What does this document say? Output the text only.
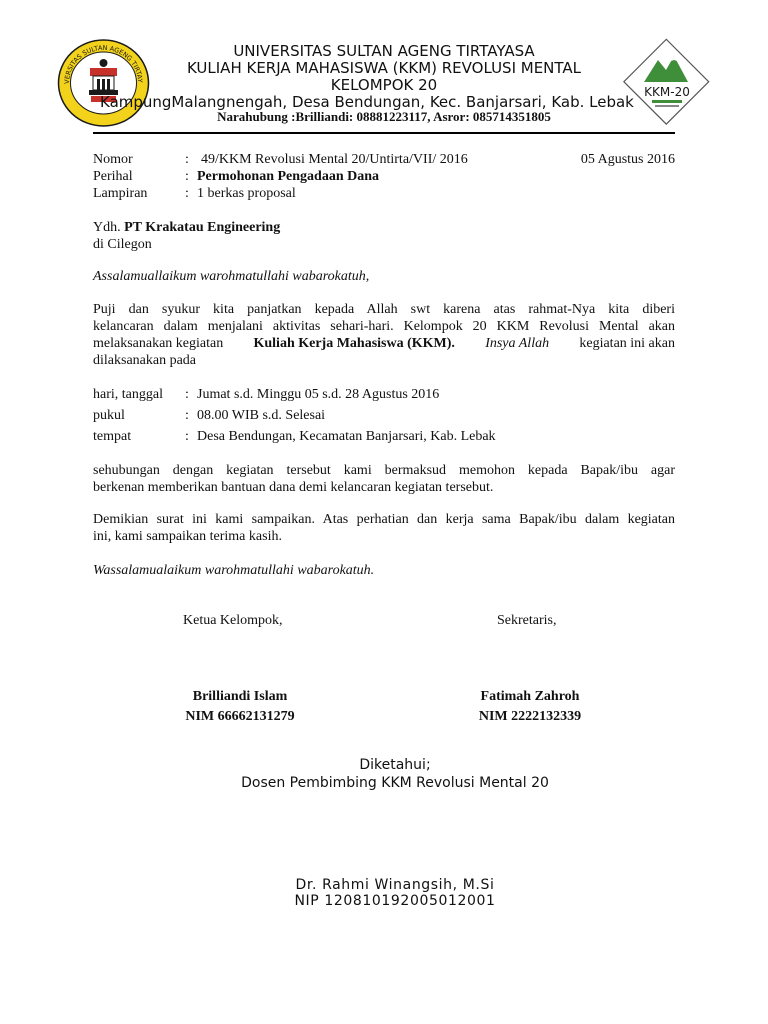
VERSITAS SULTAN AGENG TIRTAY
KKM-20
UNIVERSITAS SULTAN AGENG TIRTAYASA
KULIAH KERJA MAHASISWA (KKM) REVOLUSI MENTAL
KELOMPOK 20
KampungMalangnengah, Desa Bendungan, Kec. Banjarsari, Kab. Lebak
Narahubung :Brilliandi: 08881223117, Asror: 085714351805
Nomor	: 49/KKM Revolusi Mental 20/Untirta/VII/ 2016	05 Agustus 2016
Perihal	: Permohonan Pengadaan Dana
Lampiran	: 1 berkas proposal
Ydh. PT Krakatau Engineering
di Cilegon
Assalamuallaikum warohmatullahi wabarokatuh,
Puji dan syukur kita panjatkan kepada Allah swt karena atas rahmat-Nya kita diberi
kelancaran dalam menjalani aktivitas sehari-hari. Kelompok 20 KKM Revolusi Mental akan
melaksanakan kegiatan Kuliah Kerja Mahasiswa (KKM). Insya Allah kegiatan ini akan
dilaksanakan pada
hari, tanggal	: Jumat s.d. Minggu 05 s.d. 28 Agustus 2016
pukul	: 08.00 WIB s.d. Selesai
tempat	: Desa Bendungan, Kecamatan Banjarsari, Kab. Lebak
sehubungan dengan kegiatan tersebut kami bermaksud memohon kepada Bapak/ibu agar
berkenan memberikan bantuan dana demi kelancaran kegiatan tersebut.
Demikian surat ini kami sampaikan. Atas perhatian dan kerja sama Bapak/ibu dalam kegiatan
ini, kami sampaikan terima kasih.
Wassalamualaikum warohmatullahi wabarokatuh.
Ketua Kelompok,	Sekretaris,
Brilliandi Islam
NIM 66662131279
Fatimah Zahroh
NIM 2222132339
Diketahui;
Dosen Pembimbing KKM Revolusi Mental 20
Dr. Rahmi Winangsih, M.Si
NIP 120810192005012001
